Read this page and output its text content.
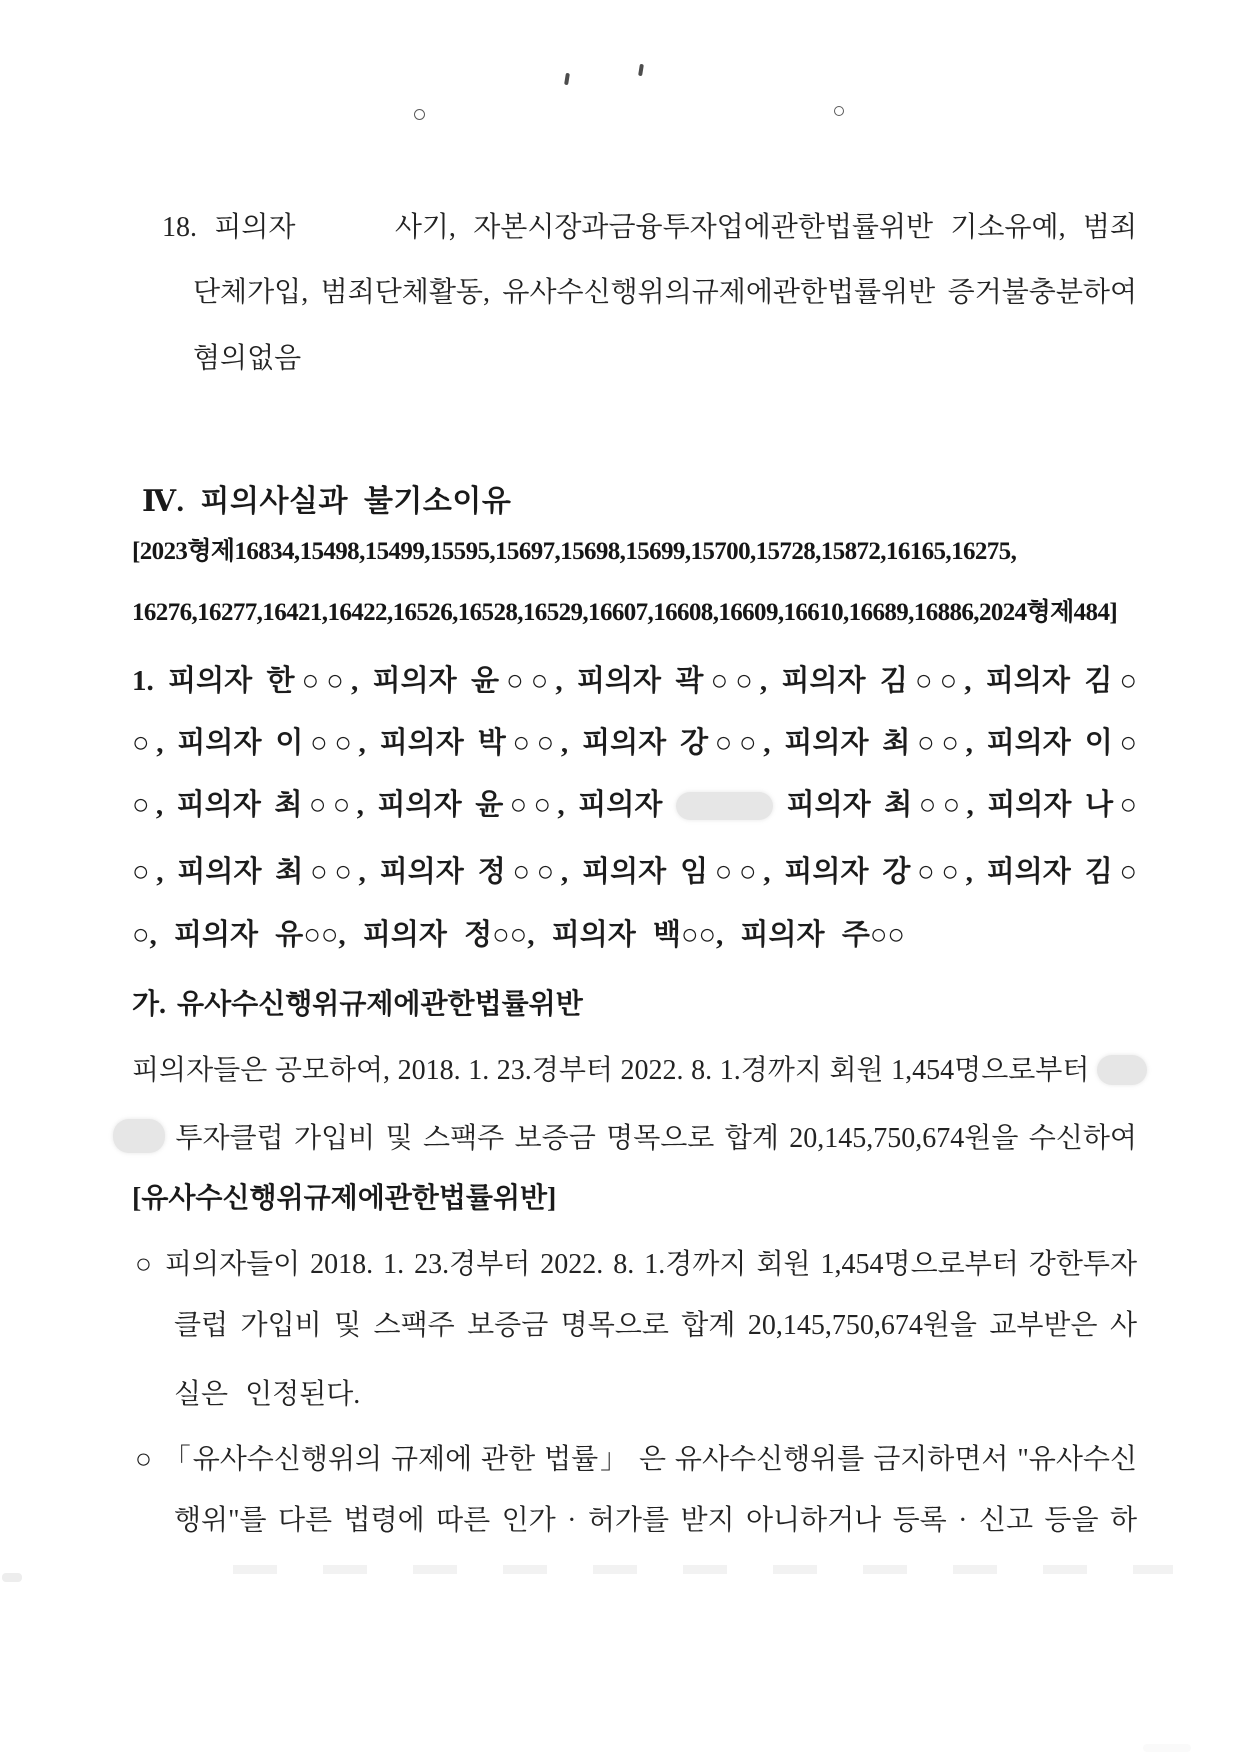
18. 피의자	사기, 자본시장과금융투자업에관한법률위반 기소유예, 범죄
단체가입, 범죄단체활동, 유사수신행위의규제에관한법률위반 증거불충분하여
혐의없음
Ⅳ. 피의사실과 불기소이유
[2023형제16834,15498,15499,15595,15697,15698,15699,15700,15728,15872,16165,16275,
16276,16277,16421,16422,16526,16528,16529,16607,16608,16609,16610,16689,16886,2024형제484]
1. 피의자 한○○, 피의자 윤○○, 피의자 곽○○, 피의자 김○○, 피의자 김○
○, 피의자 이○○, 피의자 박○○, 피의자 강○○, 피의자 최○○, 피의자 이○
○, 피의자 최○○, 피의자 윤○○, 피의자	피의자 최○○, 피의자 나○
○, 피의자 최○○, 피의자 정○○, 피의자 임○○, 피의자 강○○, 피의자 김○
○, 피의자 유○○, 피의자 정○○, 피의자 백○○, 피의자 주○○
가. 유사수신행위규제에관한법률위반
피의자들은 공모하여, 2018. 1. 23.경부터 2022. 8. 1.경까지 회원 1,454명으로부터
투자클럽 가입비 및 스팩주 보증금 명목으로 합계 20,145,750,674원을 수신하여
[유사수신행위규제에관한법률위반]
○ 피의자들이 2018. 1. 23.경부터 2022. 8. 1.경까지 회원 1,454명으로부터 강한투자
클럽 가입비 및 스팩주 보증금 명목으로 합계 20,145,750,674원을 교부받은 사
실은 인정된다.
○ 「유사수신행위의 규제에 관한 법률」 은 유사수신행위를 금지하면서 "유사수신
행위"를 다른 법령에 따른 인가 · 허가를 받지 아니하거나 등록 · 신고 등을 하
